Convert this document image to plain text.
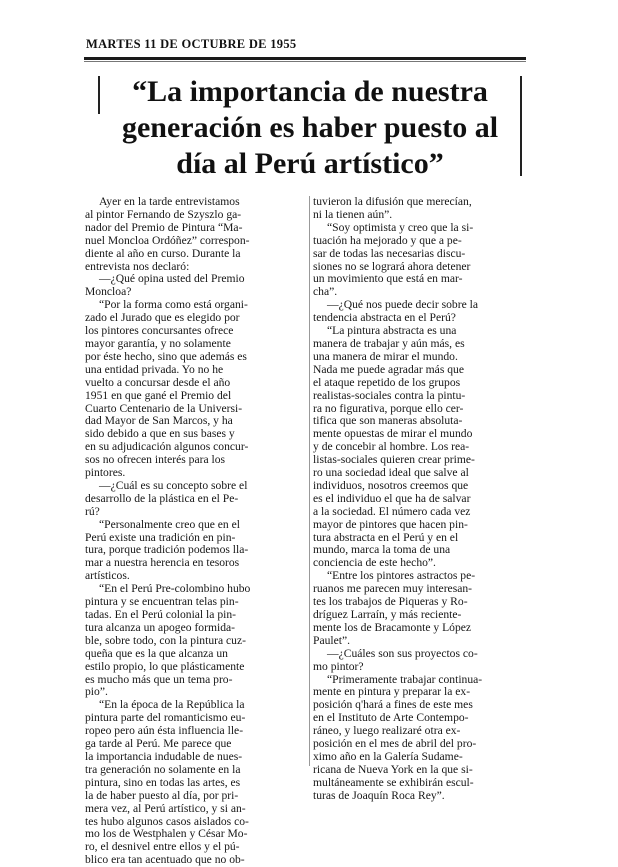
MARTES 11 DE OCTUBRE DE 1955
“La importancia de nuestra
generación es haber puesto al
día al Perú artístico”
Ayer en la tarde entrevistamos
al pintor Fernando de Szyszlo ga-
nador del Premio de Pintura “Ma-
nuel Moncloa Ordóñez” correspon-
diente al año en curso. Durante la
entrevista nos declaró:
—¿Qué opina usted del Premio
Moncloa?
“Por la forma como está organi-
zado el Jurado que es elegido por
los pintores concursantes ofrece
mayor garantía, y no solamente
por éste hecho, sino que además es
una entidad privada. Yo no he
vuelto a concursar desde el año
1951 en que gané el Premio del
Cuarto Centenario de la Universi-
dad Mayor de San Marcos, y ha
sido debido a que en sus bases y
en su adjudicación algunos concur-
sos no ofrecen interés para los
pintores.
—¿Cuál es su concepto sobre el
desarrollo de la plástica en el Pe-
rú?
“Personalmente creo que en el
Perú existe una tradición en pin-
tura, porque tradición podemos lla-
mar a nuestra herencia en tesoros
artísticos.
“En el Perú Pre-colombino hubo
pintura y se encuentran telas pin-
tadas. En el Perú colonial la pin-
tura alcanza un apogeo formida-
ble, sobre todo, con la pintura cuz-
queña que es la que alcanza un
estilo propio, lo que plásticamente
es mucho más que un tema pro-
pio”.
“En la época de la República la
pintura parte del romanticismo eu-
ropeo pero aún ésta influencia lle-
ga tarde al Perú. Me parece que
la importancia indudable de nues-
tra generación no solamente en la
pintura, sino en todas las artes, es
la de haber puesto al día, por pri-
mera vez, al Perú artístico, y si an-
tes hubo algunos casos aislados co-
mo los de Westphalen y César Mo-
ro, el desnivel entre ellos y el pú-
blico era tan acentuado que no ob-
tuvieron la difusión que merecían,
ni la tienen aún”.
“Soy optimista y creo que la si-
tuación ha mejorado y que a pe-
sar de todas las necesarias discu-
siones no se logrará ahora detener
un movimiento que está en mar-
cha”.
—¿Qué nos puede decir sobre la
tendencia abstracta en el Perú?
“La pintura abstracta es una
manera de trabajar y aún más, es
una manera de mirar el mundo.
Nada me puede agradar más que
el ataque repetido de los grupos
realistas-sociales contra la pintu-
ra no figurativa, porque ello cer-
tifica que son maneras absoluta-
mente opuestas de mirar el mundo
y de concebir al hombre. Los rea-
listas-sociales quieren crear prime-
ro una sociedad ideal que salve al
individuos, nosotros creemos que
es el individuo el que ha de salvar
a la sociedad. El número cada vez
mayor de pintores que hacen pin-
tura abstracta en el Perú y en el
mundo, marca la toma de una
conciencia de este hecho”.
“Entre los pintores astractos pe-
ruanos me parecen muy interesan-
tes los trabajos de Piqueras y Ro-
dríguez Larraín, y más reciente-
mente los de Bracamonte y López
Paulet”.
—¿Cuáles son sus proyectos co-
mo pintor?
“Primeramente trabajar continua-
mente en pintura y preparar la ex-
posición q'hará a fines de este mes
en el Instituto de Arte Contempo-
ráneo, y luego realizaré otra ex-
posición en el mes de abril del pro-
ximo año en la Galería Sudame-
ricana de Nueva York en la que si-
multáneamente se exhibirán escul-
turas de Joaquín Roca Rey”.
